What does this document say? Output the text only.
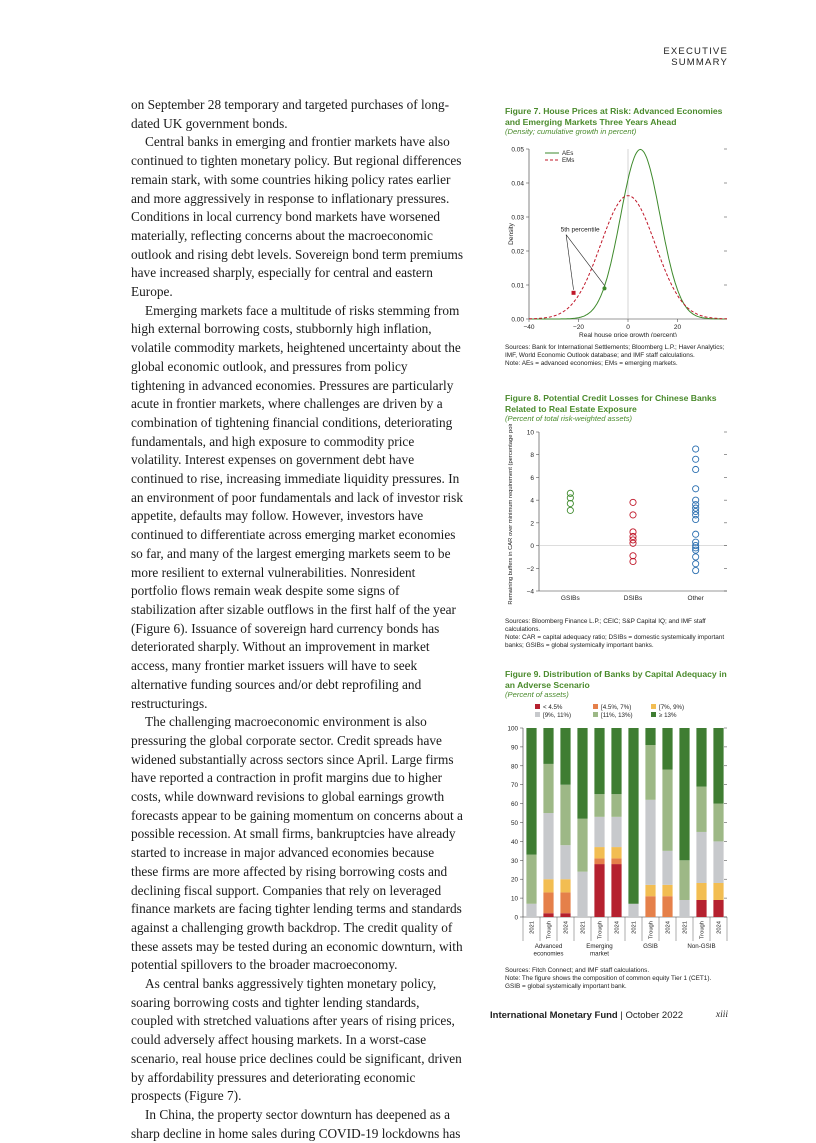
EXECUTIVE SUMMARY

on September 28 temporary and targeted purchases of long-dated UK government bonds.

Central banks in emerging and frontier markets have also continued to tighten monetary policy. But regional differences remain stark, with some countries hiking policy rates earlier and more aggressively in response to inflationary pressures. Conditions in local currency bond markets have worsened materially, reflecting concerns about the macroeconomic outlook and rising debt levels. Sovereign bond term premiums have increased sharply, especially for central and eastern Europe.

Emerging markets face a multitude of risks stemming from high external borrowing costs, stubbornly high inflation, volatile commodity markets, heightened uncertainty about the global economic outlook, and pressures from policy tightening in advanced economies. Pressures are particularly acute in frontier markets, where challenges are driven by a combination of tightening financial conditions, deteriorating fundamentals, and high exposure to commodity price volatility. Interest expenses on government debt have continued to rise, increasing immediate liquidity pressures. In an environment of poor fundamentals and lack of investor risk appetite, defaults may follow. However, investors have continued to differentiate across emerging market economies so far, and many of the largest emerging markets seem to be more resilient to external vulnerabilities. Nonresident portfolio flows remain weak despite some signs of stabilization after sizable outflows in the first half of the year (Figure 6). Issuance of sovereign hard currency bonds has deteriorated sharply. Without an improvement in market access, many frontier market issuers will have to seek alternative funding sources and/or debt reprofiling and restructurings.

The challenging macroeconomic environment is also pressuring the global corporate sector. Credit spreads have widened substantially across sectors since April. Large firms have reported a contraction in profit margins due to higher costs, while downward revisions to global earnings growth forecasts appear to be gaining momentum on concerns about a possible recession. At small firms, bankruptcies have already started to increase in major advanced economies because these firms are more affected by rising borrowing costs and declining fiscal support. Companies that rely on leveraged finance markets are facing tighter lending terms and standards against a challenging growth backdrop. The credit quality of these assets may be tested during an economic downturn, with potential spillovers to the broader macroeconomy.

As central banks aggressively tighten monetary policy, soaring borrowing costs and tighter lending standards, coupled with stretched valuations after years of rising prices, could adversely affect housing markets. In a worst-case scenario, real house price declines could be significant, driven by affordability pressures and deteriorating economic prospects (Figure 7).

In China, the property sector downturn has deepened as a sharp decline in home sales during COVID-19 lockdowns has

Figure 7. House Prices at Risk: Advanced Economies and Emerging Markets Three Years Ahead
(Density; cumulative growth in percent)
0.00
0.01
0.02
0.03
0.04
0.05
−40	−20	0	20
Real house price growth (percent)
Density
AEs
EMs
5th percentile
Sources: Bank for International Settlements; Bloomberg L.P.; Haver Analytics; IMF, World Economic Outlook database; and IMF staff calculations.
Note: AEs = advanced economies; EMs = emerging markets.
Figure 8. Potential Credit Losses for Chinese Banks Related to Real Estate Exposure
(Percent of total risk-weighted assets)
−4
−2
0
2
4
6
8
10
Remaining buffers in CAR over minimum requirement (percentage point)	GSIBs	DSIBs	Other
Sources: Bloomberg Finance L.P.; CEIC; S&P Capital IQ; and IMF staff calculations.
Note: CAR = capital adequacy ratio; DSIBs = domestic systemically important banks; GSIBs = global systemically important banks.
Figure 9. Distribution of Banks by Capital Adequacy in an Adverse Scenario
(Percent of assets)
< 4.5%	[4.5%, 7%)	[7%, 9%)
[9%, 11%)	[11%, 13%)	≥ 13%
0
10
20
30
40
50
60
70
80
90
100
2021 Trough 2024 2021 Trough 2024 2021 Trough 2024 2021 Trough 2024
Advanced
economies
Emerging
market
GSIB	Non-GSIB
Sources: Fitch Connect; and IMF staff calculations.
Note: The figure shows the composition of common equity Tier 1 (CET1).
GSIB = global systemically important bank.
International Monetary Fund | October 2022	xiii
